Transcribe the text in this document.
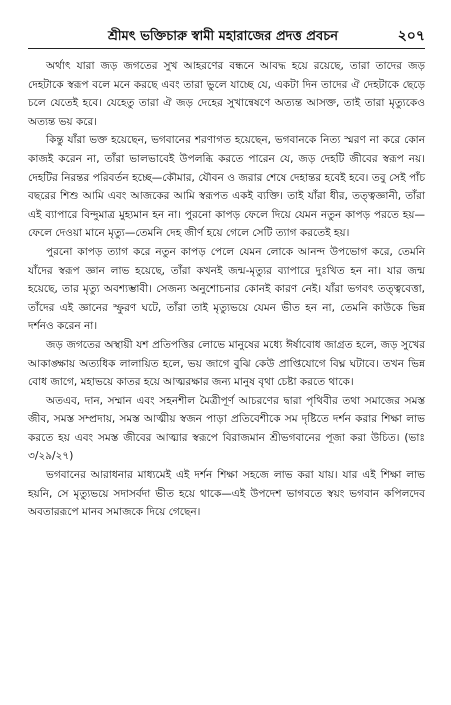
শ্রীমৎ ভক্তিচারু স্বামী মহারাজের প্রদত্ত প্রবচন	২০৭

অর্থাৎ যারা জড় জগতের সুখ আহরণের বন্ধনে আবদ্ধ হয়ে রয়েছে, তারা তাদের জড় দেহটাকে স্বরূপ বলে মনে করছে এবং তারা ভুলে যাচ্ছে যে, একটা দিন তাদের ঐ দেহটাকে ছেড়ে চলে যেতেই হবে। যেহেতু তারা ঐ জড় দেহের সুখান্বেষণে অত্যন্ত আসক্ত, তাই তারা মৃত্যুকেও অত্যন্ত ভয় করে।

কিন্তু যাঁরা ভক্ত হয়েছেন, ভগবানের শরণাগত হয়েছেন, ভগবানকে নিত্য স্মরণ না করে কোন কাজই করেন না, তাঁরা ভালভাবেই উপলব্ধি করতে পারেন যে, জড় দেহটি জীবের স্বরূপ নয়। দেহটির নিরন্তর পরিবর্তন হচ্ছে—কৌমার, যৌবন ও জরার শেষে দেহান্তর হবেই হবে। তবু সেই পাঁচ বছরের শিশু আমি এবং আজকের আমি স্বরূপত একই ব্যক্তি। তাই যাঁরা ধীর, তত্ত্বজ্ঞানী, তাঁরা এই ব্যাপারে বিন্দুমাত্র মুহ্যমান হন না। পুরনো কাপড় ফেলে দিয়ে যেমন নতুন কাপড় পরতে হয়—ফেলে দেওয়া মানে মৃত্যু—তেমনি দেহ জীর্ণ হয়ে গেলে সেটি ত্যাগ করতেই হয়।

পুরনো কাপড় ত্যাগ করে নতুন কাপড় পেলে যেমন লোকে আনন্দ উপভোগ করে, তেমনি যাঁদের স্বরূপ জ্ঞান লাভ হয়েছে, তাঁরা কখনই জন্ম-মৃত্যুর ব্যাপারে দুঃখিত হন না। যার জন্ম হয়েছে, তার মৃত্যু অবশ্যম্ভাবী। সেজন্য অনুশোচনার কোনই কারণ নেই। যাঁরা ভগবৎ তত্ত্ববেত্তা, তাঁদের এই জ্ঞানের স্ফুরণ ঘটে, তাঁরা তাই মৃত্যুভয়ে যেমন ভীত হন না, তেমনি কাউকে ভিন্ন দর্শনও করেন না।

জড় জগতের অস্থায়ী যশ প্রতিপত্তির লোভে মানুষের মধ্যে ঈর্ষাবোধ জাগ্রত হলে, জড় সুখের আকাঙ্ক্ষায় অত্যধিক লালায়িত হলে, ভয় জাগে বুঝি কেউ প্রাপ্তিযোগে বিঘ্ন ঘটাবে। তখন ভিন্ন বোধ জাগে, মহাভয়ে কাতর হয়ে আত্মরক্ষার জন্য মানুষ বৃথা চেষ্টা করতে থাকে।

অতএব, দান, সম্মান এবং সহনশীল মৈত্রীপূর্ণ আচরণের দ্বারা পৃথিবীর তথা সমাজের সমস্ত জীব, সমস্ত সম্প্রদায়, সমস্ত আত্মীয় স্বজন পাড়া প্রতিবেশীকে সম দৃষ্টিতে দর্শন করার শিক্ষা লাভ করতে হয় এবং সমস্ত জীবের আত্মার স্বরূপে বিরাজমান শ্রীভগবানের পূজা করা উচিত। (ভাঃ ৩/২৯/২৭)

ভগবানের আরাধনার মাধ্যমেই এই দর্শন শিক্ষা সহজে লাভ করা যায়। যার এই শিক্ষা লাভ হয়নি, সে মৃত্যুভয়ে সদাসর্বদা ভীত হয়ে থাকে—এই উপদেশ ভাগবতে স্বয়ং ভগবান কপিলদেব অবতাররূপে মানব সমাজকে দিয়ে গেছেন।
